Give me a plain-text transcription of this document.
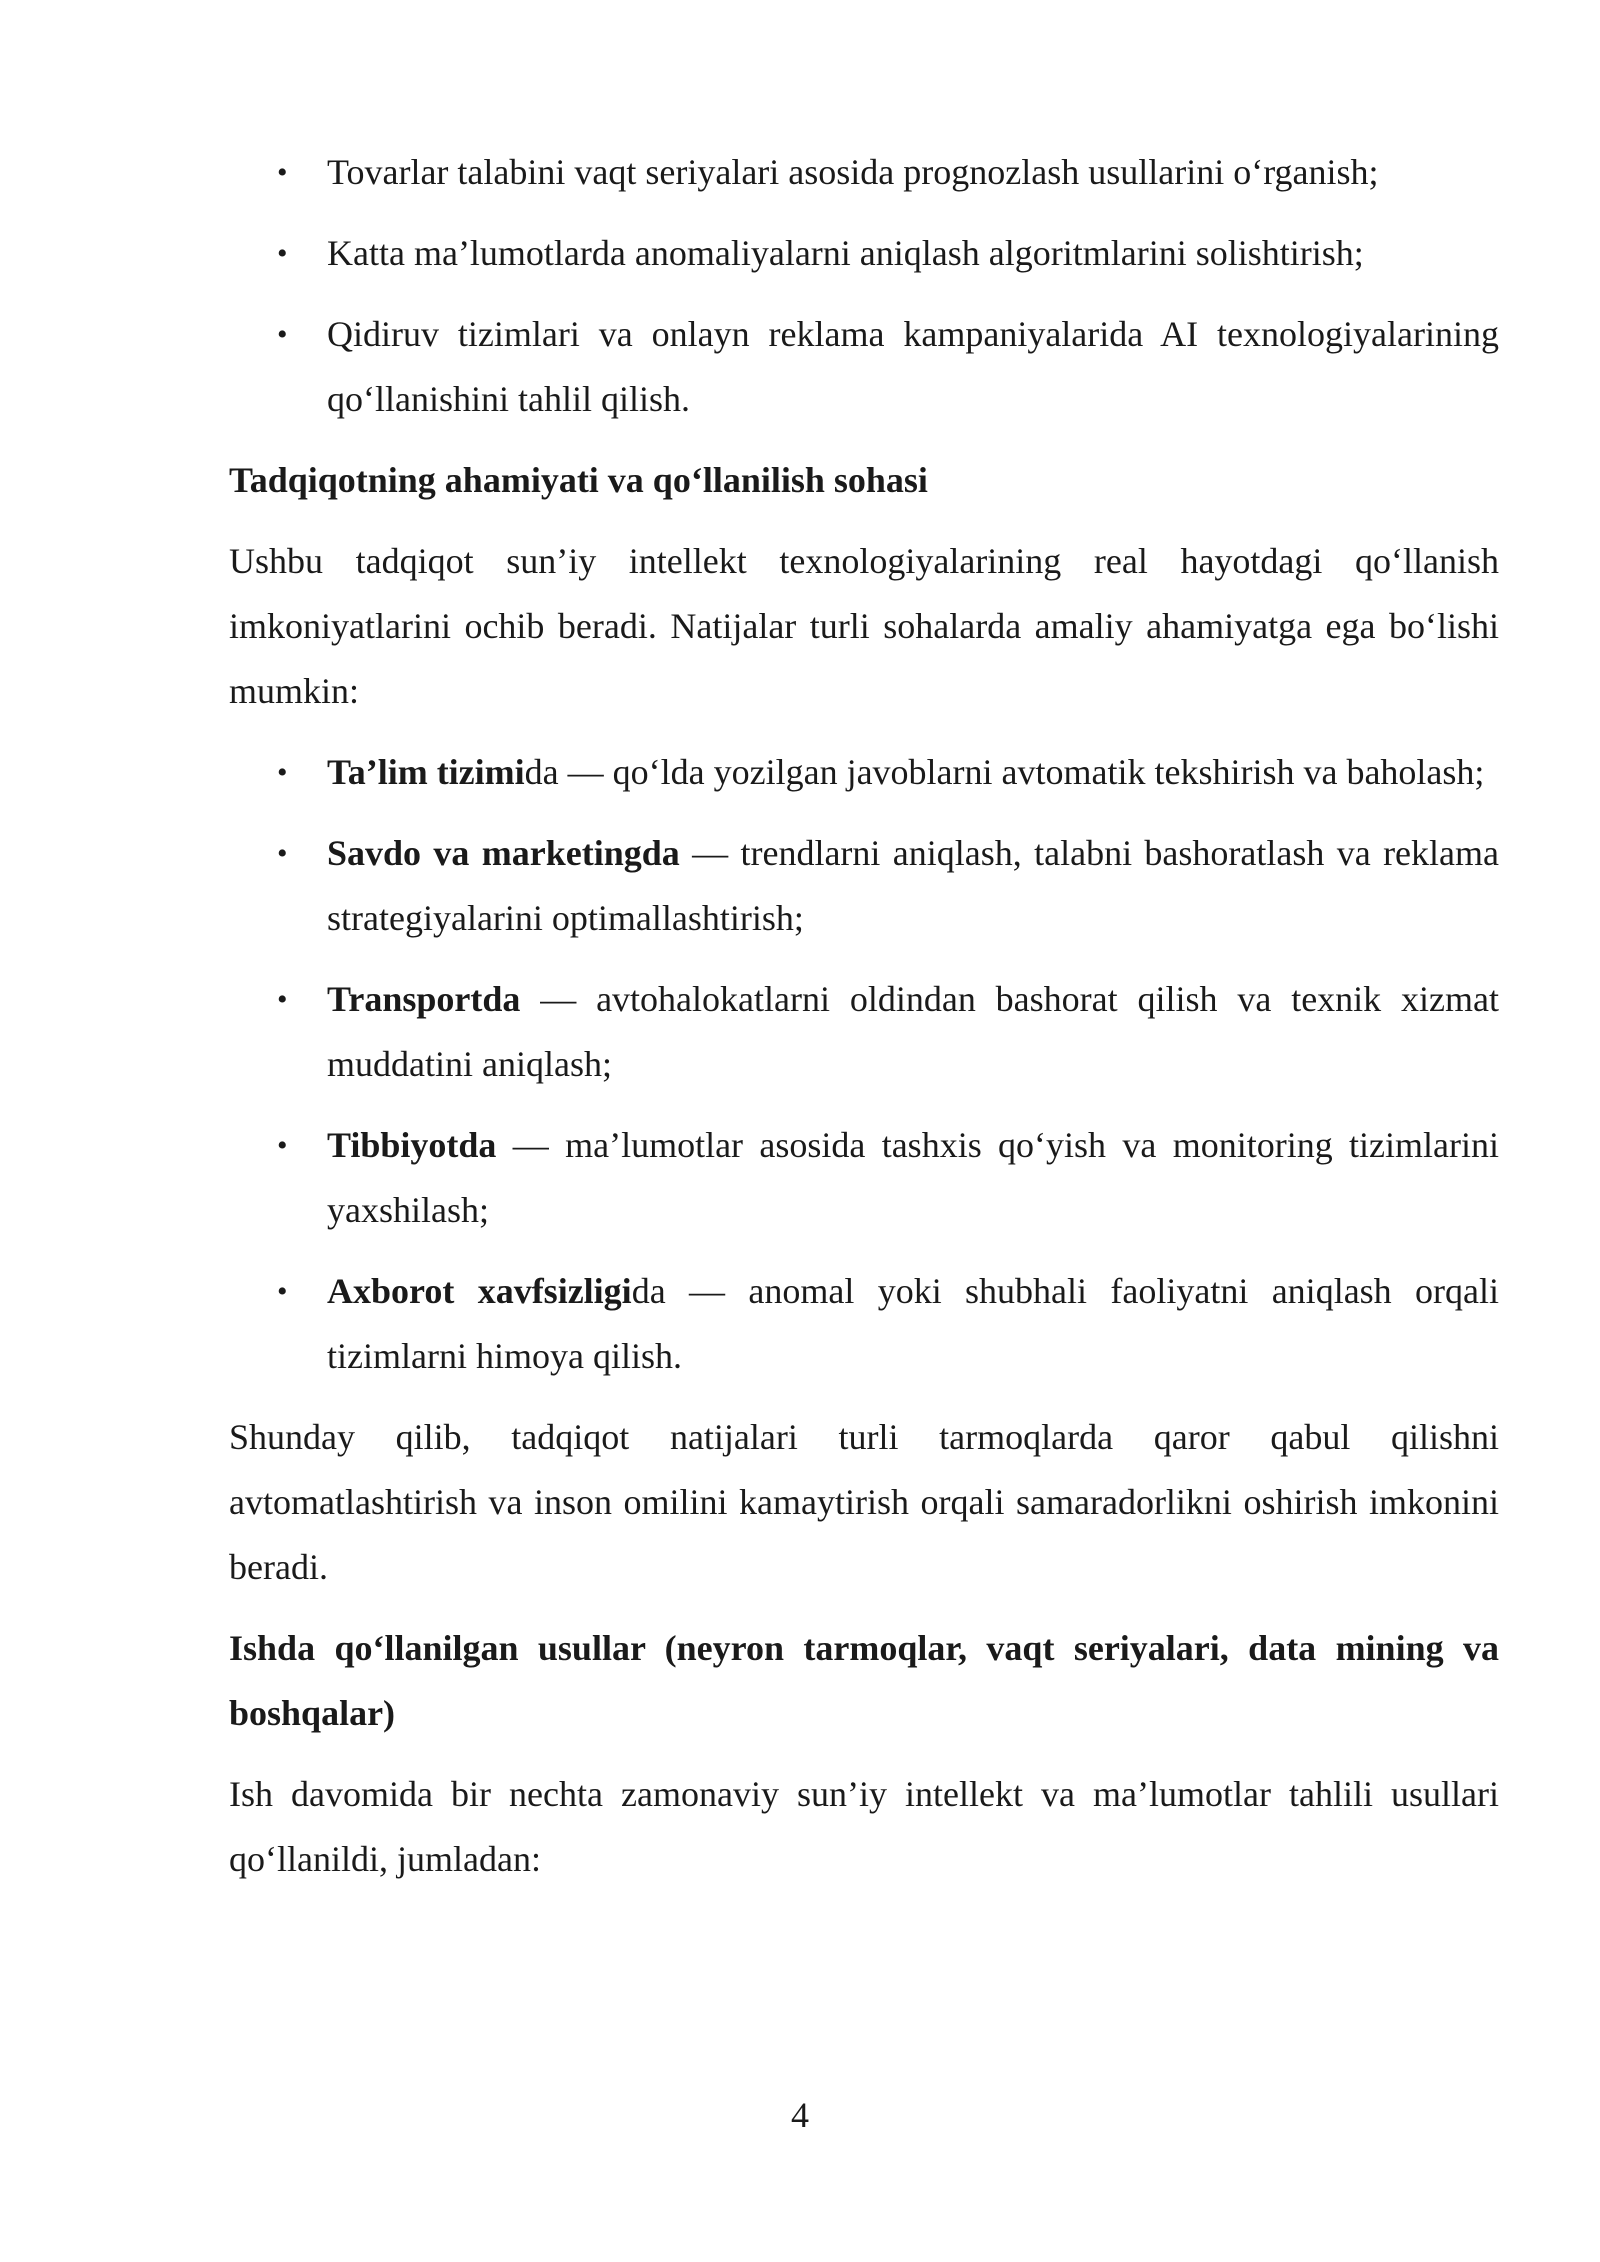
• Tovarlar talabini vaqt seriyalari asosida prognozlash usullarini o‘rganish;
• Katta ma’lumotlarda anomaliyalarni aniqlash algoritmlarini solishtirish;
• Qidiruv tizimlari va onlayn reklama kampaniyalarida AI texnologiyalarining qo‘llanishini tahlil qilish.

Tadqiqotning ahamiyati va qo‘llanilish sohasi

Ushbu tadqiqot sun’iy intellekt texnologiyalarining real hayotdagi qo‘llanish imkoniyatlarini ochib beradi. Natijalar turli sohalarda amaliy ahamiyatga ega bo‘lishi mumkin:

• Ta’lim tizimida — qo‘lda yozilgan javoblarni avtomatik tekshirish va baholash;
• Savdo va marketingda — trendlarni aniqlash, talabni bashoratlash va reklama strategiyalarini optimallashtirish;
• Transportda — avtohalokatlarni oldindan bashorat qilish va texnik xizmat muddatini aniqlash;
• Tibbiyotda — ma’lumotlar asosida tashxis qo‘yish va monitoring tizimlarini yaxshilash;
• Axborot xavfsizligida — anomal yoki shubhali faoliyatni aniqlash orqali tizimlarni himoya qilish.

Shunday qilib, tadqiqot natijalari turli tarmoqlarda qaror qabul qilishni avtomatlashtirish va inson omilini kamaytirish orqali samaradorlikni oshirish imkonini beradi.

Ishda qo‘llanilgan usullar (neyron tarmoqlar, vaqt seriyalari, data mining va boshqalar)

Ish davomida bir nechta zamonaviy sun’iy intellekt va ma’lumotlar tahlili usullari qo‘llanildi, jumladan:

4
